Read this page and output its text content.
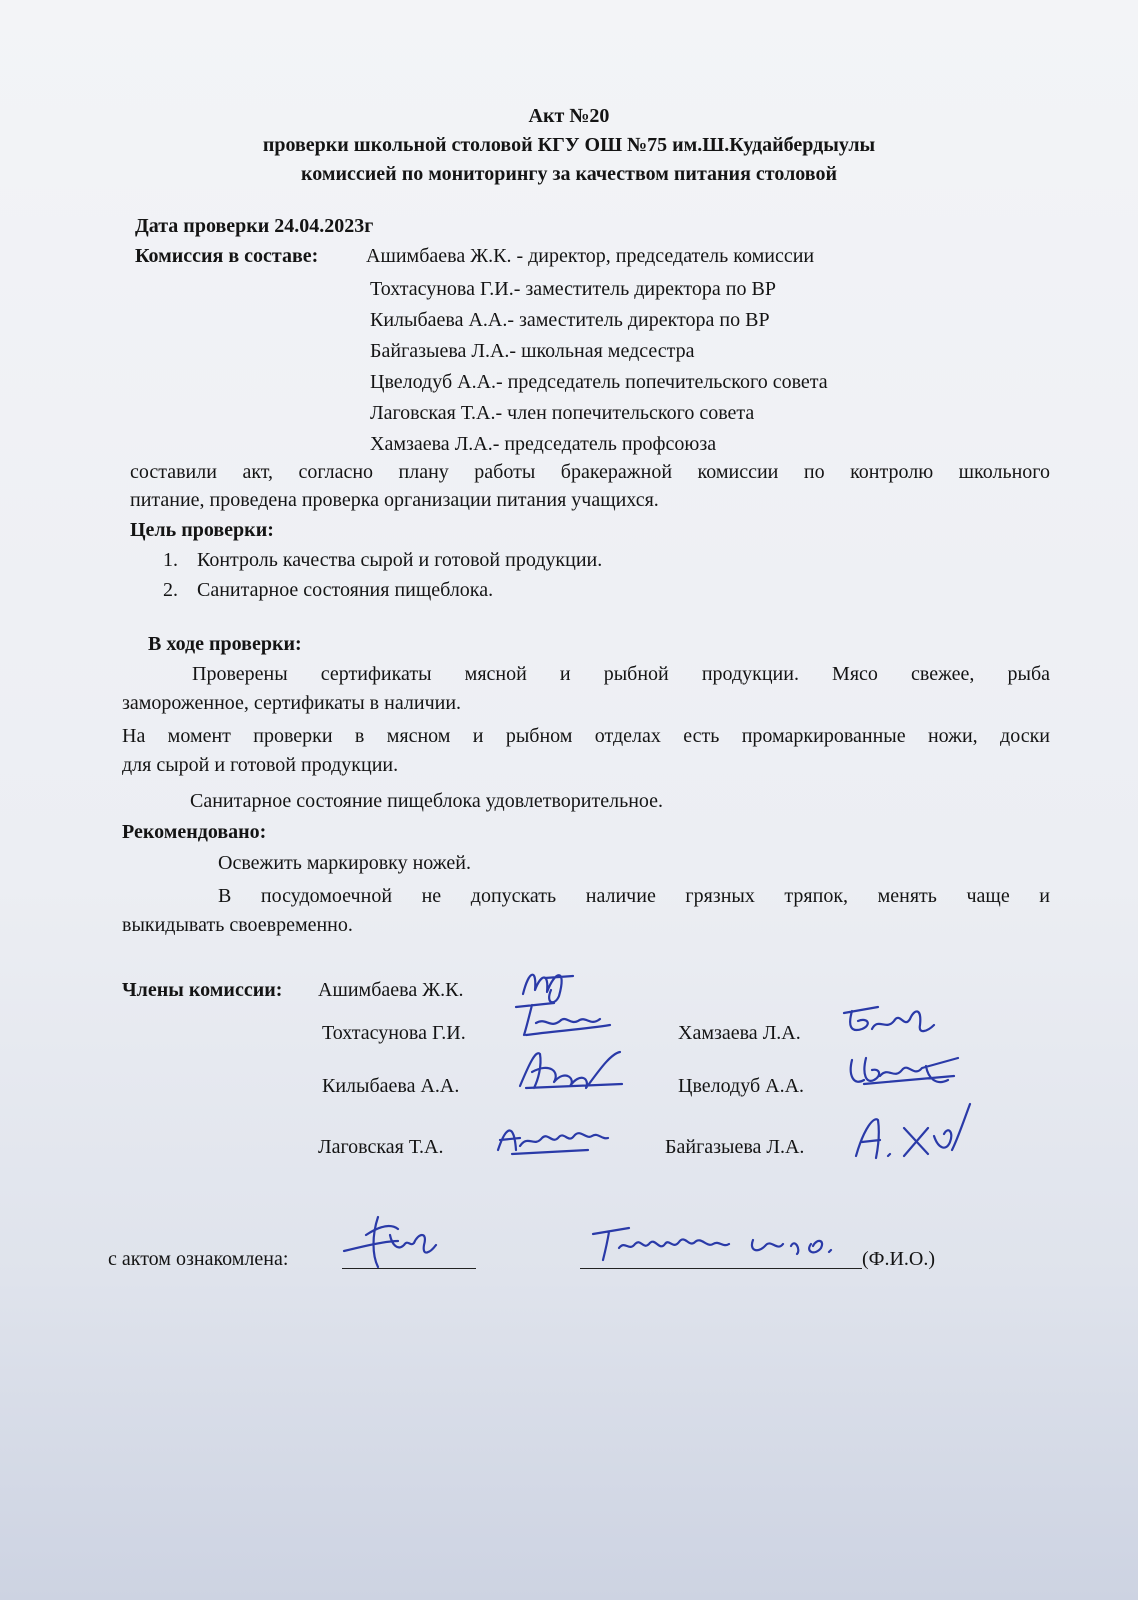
Акт №20
проверки школьной столовой КГУ ОШ №75 им.Ш.Кудайбердыулы
комиссией по мониторингу за качеством питания столовой
Дата проверки 24.04.2023г
Комиссия в составе: Ашимбаева Ж.К. - директор, председатель комиссии
Тохтасунова Г.И.- заместитель директора по ВР
Килыбаева А.А.- заместитель директора по ВР
Байгазыева Л.А.- школьная медсестра
Цвелодуб А.А.- председатель попечительского совета
Лаговская Т.А.- член попечительского совета
Хамзаева Л.А.- председатель профсоюза
составили акт, согласно плану работы бракеражной комиссии по контролю школьного
питание, проведена проверка организации питания учащихся.
Цель проверки:
1. Контроль качества сырой и готовой продукции.
2. Санитарное состояния пищеблока.
В ходе проверки:
Проверены сертификаты мясной и рыбной продукции. Мясо свежее, рыба
замороженное, сертификаты в наличии.
На момент проверки в мясном и рыбном отделах есть промаркированные ножи, доски
для сырой и готовой продукции.
Санитарное состояние пищеблока удовлетворительное.
Рекомендовано:
Освежить маркировку ножей.
В посудомоечной не допускать наличие грязных тряпок, менять чаще и
выкидывать своевременно.
Члены комиссии: Ашимбаева Ж.К.
Тохтасунова Г.И.	Хамзаева Л.А.
Килыбаева А.А.	Цвелодуб А.А.
Лаговская Т.А.	Байгазыева Л.А.
с актом ознакомлена:	(Ф.И.О.)
